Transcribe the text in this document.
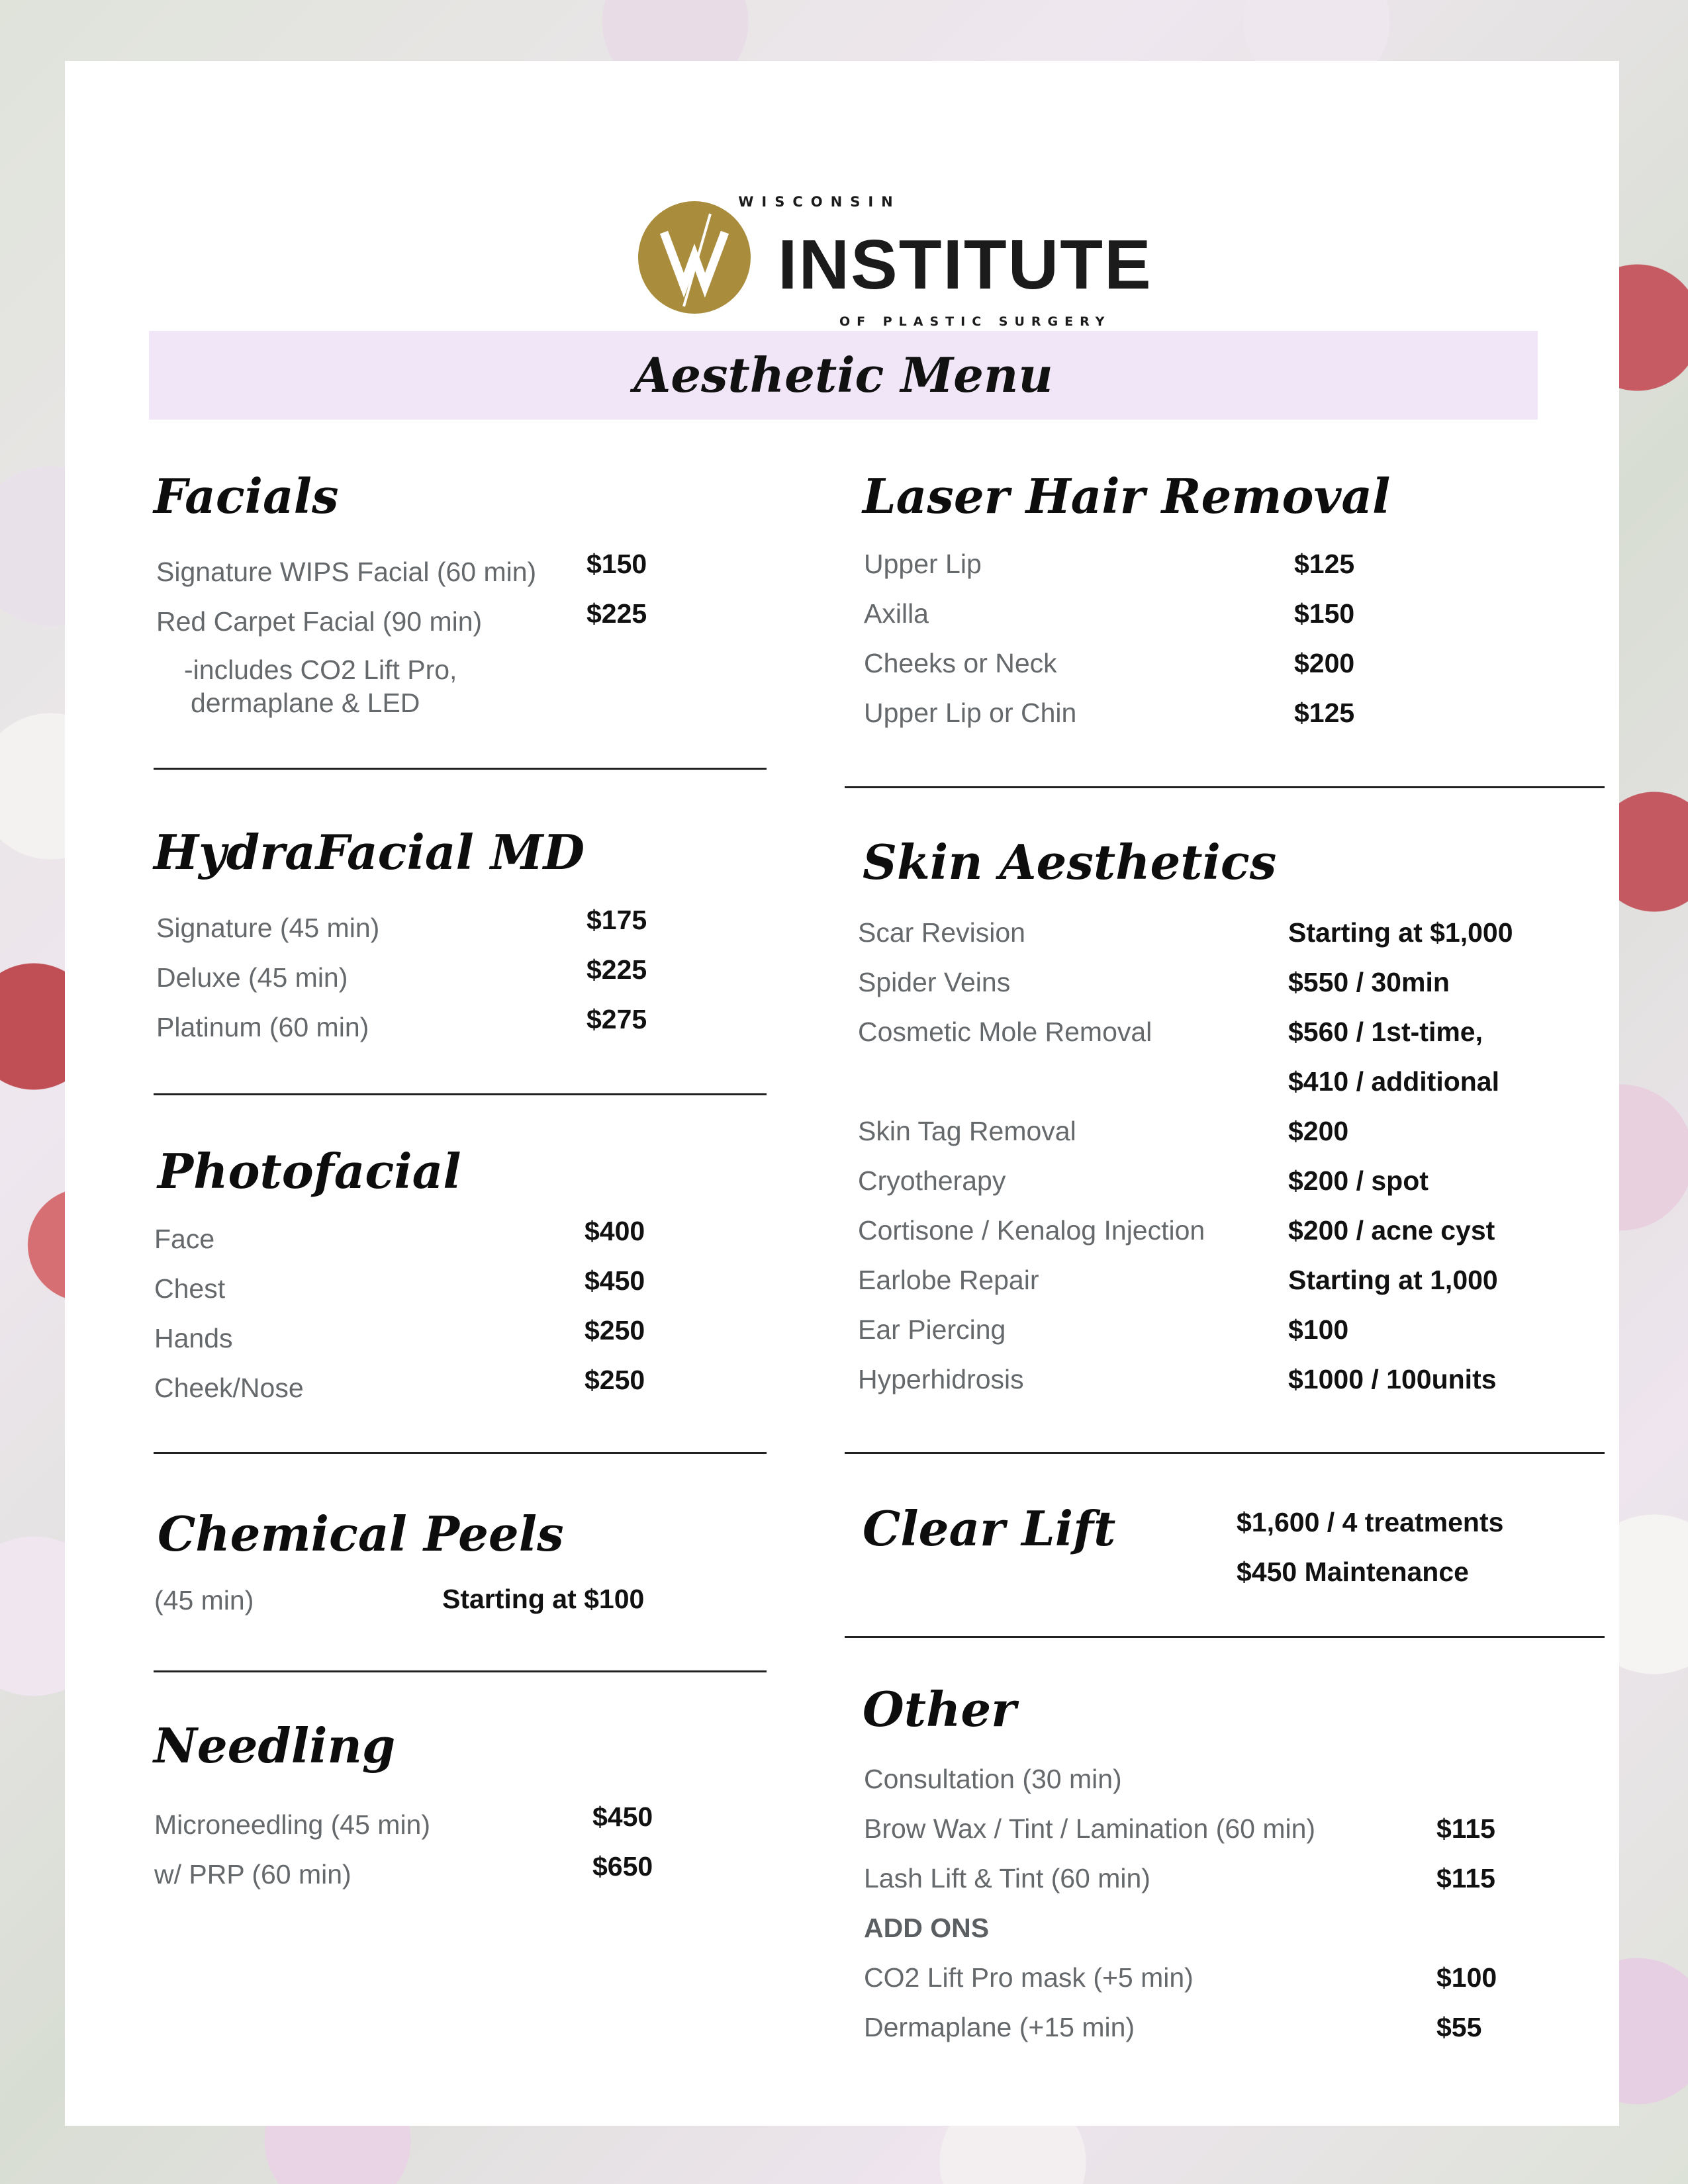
WISCONSIN
INSTITUTE
OF PLASTIC SURGERY
Aesthetic Menu
Facials
Signature WIPS Facial (60 min) $150
Red Carpet Facial (90 min)	$225
-includes CO2 Lift Pro,
dermaplane & LED
HydraFacial MD
Signature (45 min)	$175
Deluxe (45 min)	$225
Platinum (60 min)	$275
Photofacial
Face	$400
Chest	$450
Hands	$250
Cheek/Nose	$250
Chemical Peels
(45 min)	Starting at $100
Needling
Microneedling (45 min)	$450
w/ PRP (60 min)	$650
Laser Hair Removal
Upper Lip	$125
Axilla	$150
Cheeks or Neck	$200
Upper Lip or Chin	$125
Skin Aesthetics
Scar Revision	Starting at $1,000
Spider Veins	$550 / 30min
Cosmetic Mole Removal	$560 / 1st-time,
$410 / additional
Skin Tag Removal	$200
Cryotherapy	$200 / spot
Cortisone / Kenalog Injection	$200 / acne cyst
Earlobe Repair	Starting at 1,000
Ear Piercing	$100
Hyperhidrosis	$1000 / 100units
Clear Lift	$1,600 / 4 treatments
$450 Maintenance
Other
Consultation (30 min)
Brow Wax / Tint / Lamination (60 min)	$115
Lash Lift & Tint (60 min)	$115
ADD ONS
CO2 Lift Pro mask (+5 min)	$100
Dermaplane (+15 min)	$55
